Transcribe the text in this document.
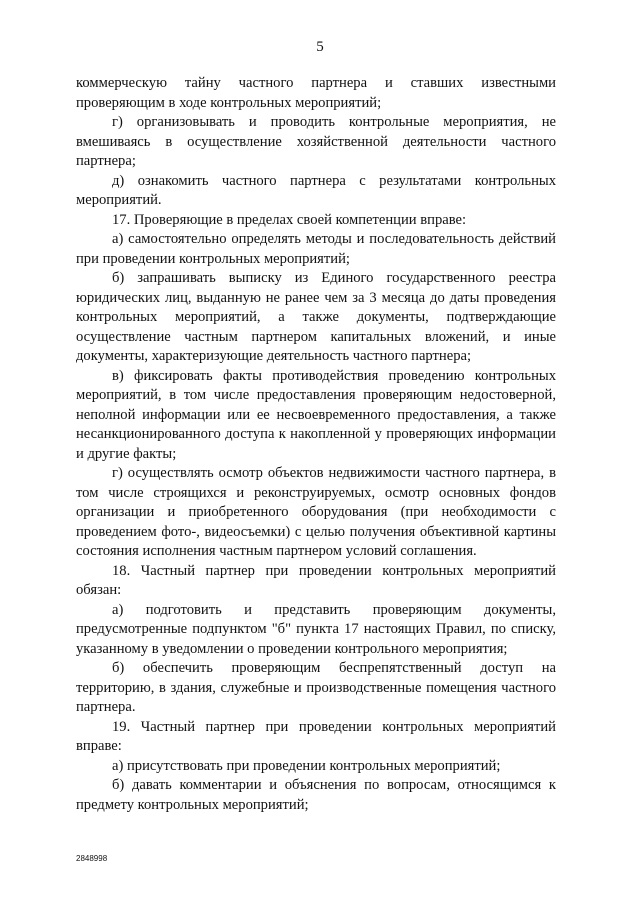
5

коммерческую тайну частного партнера и ставших известными проверяющим в ходе контрольных мероприятий;

г) организовывать и проводить контрольные мероприятия, не вмешиваясь в осуществление хозяйственной деятельности частного партнера;

д) ознакомить частного партнера с результатами контрольных мероприятий.

17. Проверяющие в пределах своей компетенции вправе:

а) самостоятельно определять методы и последовательность действий при проведении контрольных мероприятий;

б) запрашивать выписку из Единого государственного реестра юридических лиц, выданную не ранее чем за 3 месяца до даты проведения контрольных мероприятий, а также документы, подтверждающие осуществление частным партнером капитальных вложений, и иные документы, характеризующие деятельность частного партнера;

в) фиксировать факты противодействия проведению контрольных мероприятий, в том числе предоставления проверяющим недостоверной, неполной информации или ее несвоевременного предоставления, а также несанкционированного доступа к накопленной у проверяющих информации и другие факты;

г) осуществлять осмотр объектов недвижимости частного партнера, в том числе строящихся и реконструируемых, осмотр основных фондов организации и приобретенного оборудования (при необходимости с проведением фото-, видеосъемки) с целью получения объективной картины состояния исполнения частным партнером условий соглашения.

18. Частный партнер при проведении контрольных мероприятий обязан:

а) подготовить и представить проверяющим документы, предусмотренные подпунктом "б" пункта 17 настоящих Правил, по списку, указанному в уведомлении о проведении контрольного мероприятия;

б) обеспечить проверяющим беспрепятственный доступ на территорию, в здания, служебные и производственные помещения частного партнера.

19. Частный партнер при проведении контрольных мероприятий вправе:

а) присутствовать при проведении контрольных мероприятий;

б) давать комментарии и объяснения по вопросам, относящимся к предмету контрольных мероприятий;

2848998
